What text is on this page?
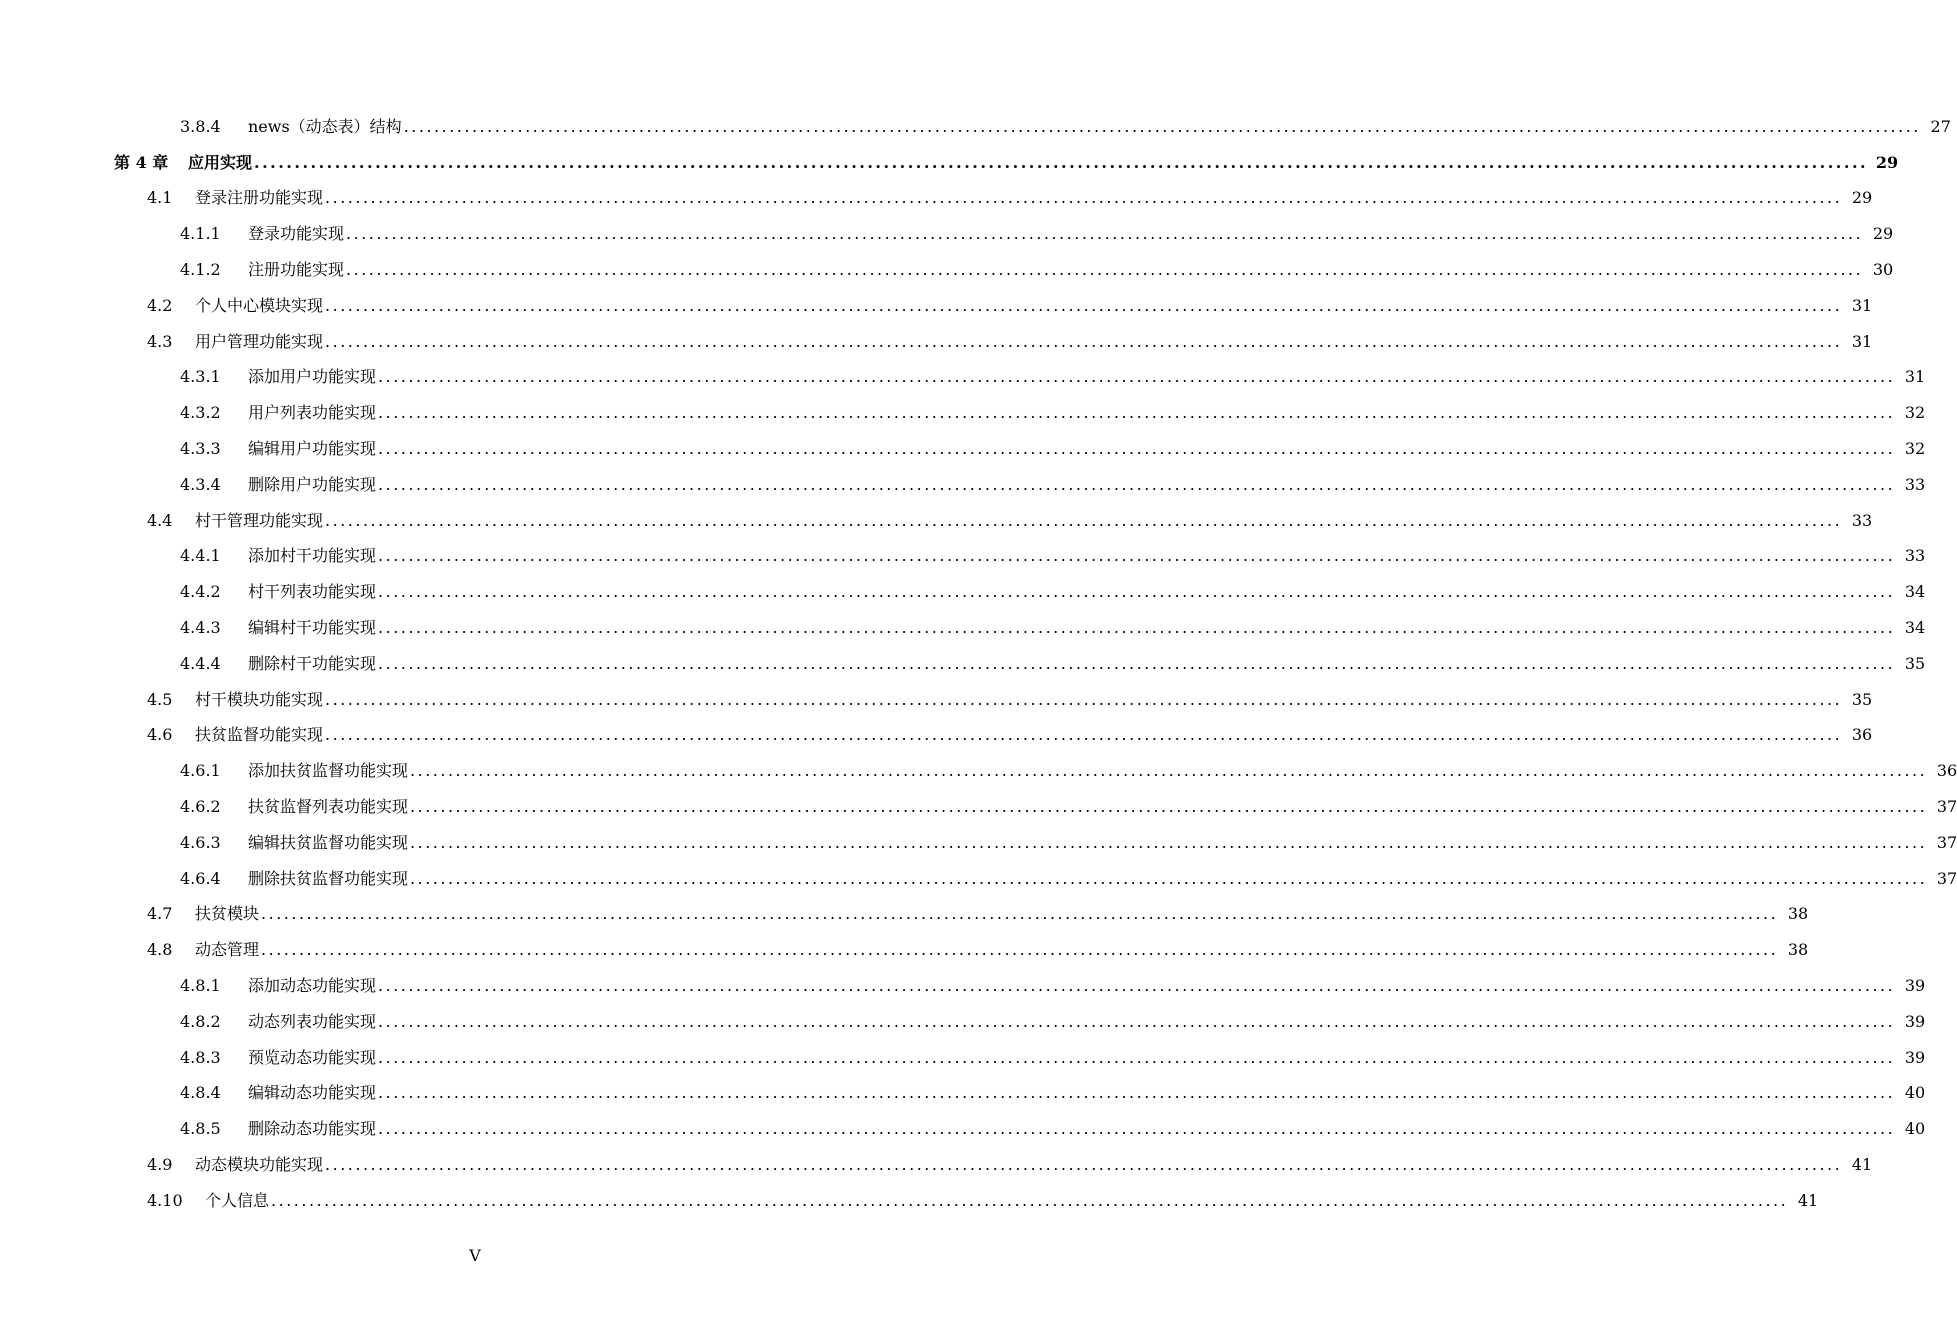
3.8.4	news（动态表）结构 ........................................................................................................................................................................................................ 27
第 4 章	应用实现 ........................................................................................................................................................................................................ 29
4.1	登录注册功能实现 ........................................................................................................................................................................................................ 29
4.1.1	登录功能实现 ........................................................................................................................................................................................................ 29
4.1.2	注册功能实现 ........................................................................................................................................................................................................ 30
4.2	个人中心模块实现 ........................................................................................................................................................................................................ 31
4.3	用户管理功能实现 ........................................................................................................................................................................................................ 31
4.3.1	添加用户功能实现 ........................................................................................................................................................................................................ 31
4.3.2	用户列表功能实现 ........................................................................................................................................................................................................ 32
4.3.3	编辑用户功能实现 ........................................................................................................................................................................................................ 32
4.3.4	删除用户功能实现 ........................................................................................................................................................................................................ 33
4.4	村干管理功能实现 ........................................................................................................................................................................................................ 33
4.4.1	添加村干功能实现 ........................................................................................................................................................................................................ 33
4.4.2	村干列表功能实现 ........................................................................................................................................................................................................ 34
4.4.3	编辑村干功能实现 ........................................................................................................................................................................................................ 34
4.4.4	删除村干功能实现 ........................................................................................................................................................................................................ 35
4.5	村干模块功能实现 ........................................................................................................................................................................................................ 35
4.6	扶贫监督功能实现 ........................................................................................................................................................................................................ 36
4.6.1	添加扶贫监督功能实现 ........................................................................................................................................................................................................ 36
4.6.2	扶贫监督列表功能实现 ........................................................................................................................................................................................................ 37
4.6.3	编辑扶贫监督功能实现 ........................................................................................................................................................................................................ 37
4.6.4	删除扶贫监督功能实现 ........................................................................................................................................................................................................ 37
4.7	扶贫模块 ........................................................................................................................................................................................................ 38
4.8	动态管理 ........................................................................................................................................................................................................ 38
4.8.1	添加动态功能实现 ........................................................................................................................................................................................................ 39
4.8.2	动态列表功能实现 ........................................................................................................................................................................................................ 39
4.8.3	预览动态功能实现 ........................................................................................................................................................................................................ 39
4.8.4	编辑动态功能实现 ........................................................................................................................................................................................................ 40
4.8.5	删除动态功能实现 ........................................................................................................................................................................................................ 40
4.9	动态模块功能实现 ........................................................................................................................................................................................................ 41
4.10	个人信息 ........................................................................................................................................................................................................ 41
V
